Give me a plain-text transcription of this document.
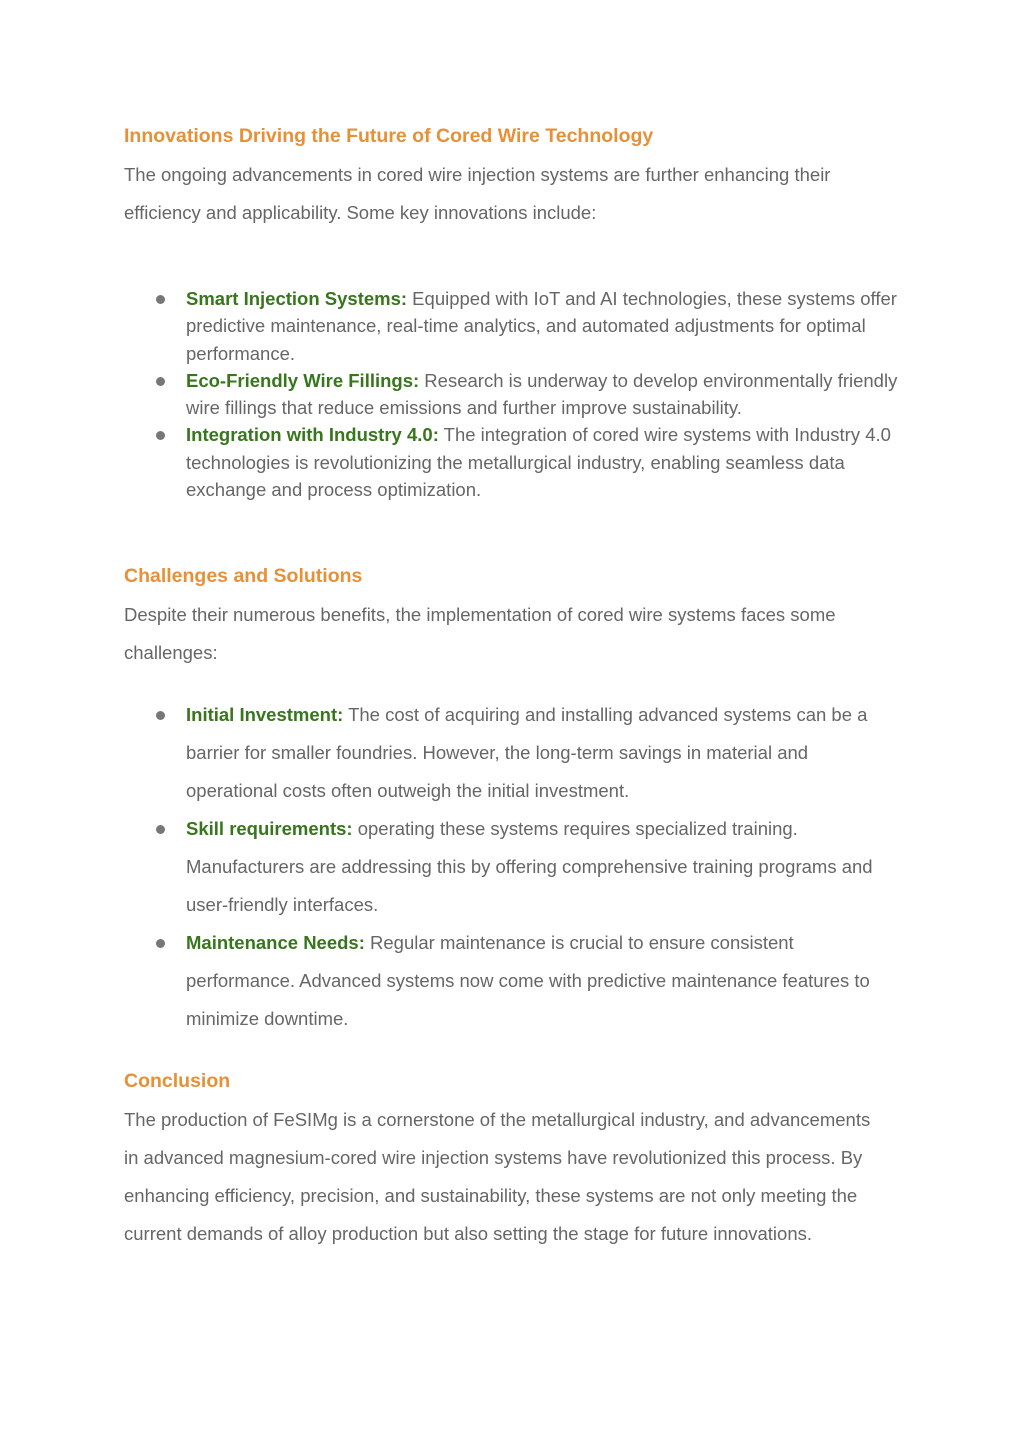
Innovations Driving the Future of Cored Wire Technology

The ongoing advancements in cored wire injection systems are further enhancing their efficiency and applicability. Some key innovations include:

Smart Injection Systems: Equipped with IoT and AI technologies, these systems offer predictive maintenance, real-time analytics, and automated adjustments for optimal performance.
Eco-Friendly Wire Fillings: Research is underway to develop environmentally friendly wire fillings that reduce emissions and further improve sustainability.
Integration with Industry 4.0: The integration of cored wire systems with Industry 4.0 technologies is revolutionizing the metallurgical industry, enabling seamless data exchange and process optimization.
Challenges and Solutions

Despite their numerous benefits, the implementation of cored wire systems faces some challenges:

Initial Investment: The cost of acquiring and installing advanced systems can be a barrier for smaller foundries. However, the long-term savings in material and operational costs often outweigh the initial investment.
Skill requirements: operating these systems requires specialized training. Manufacturers are addressing this by offering comprehensive training programs and user-friendly interfaces.
Maintenance Needs: Regular maintenance is crucial to ensure consistent performance. Advanced systems now come with predictive maintenance features to minimize downtime.
Conclusion

The production of FeSIMg is a cornerstone of the metallurgical industry, and advancements in advanced magnesium-cored wire injection systems have revolutionized this process. By enhancing efficiency, precision, and sustainability, these systems are not only meeting the current demands of alloy production but also setting the stage for future innovations.
